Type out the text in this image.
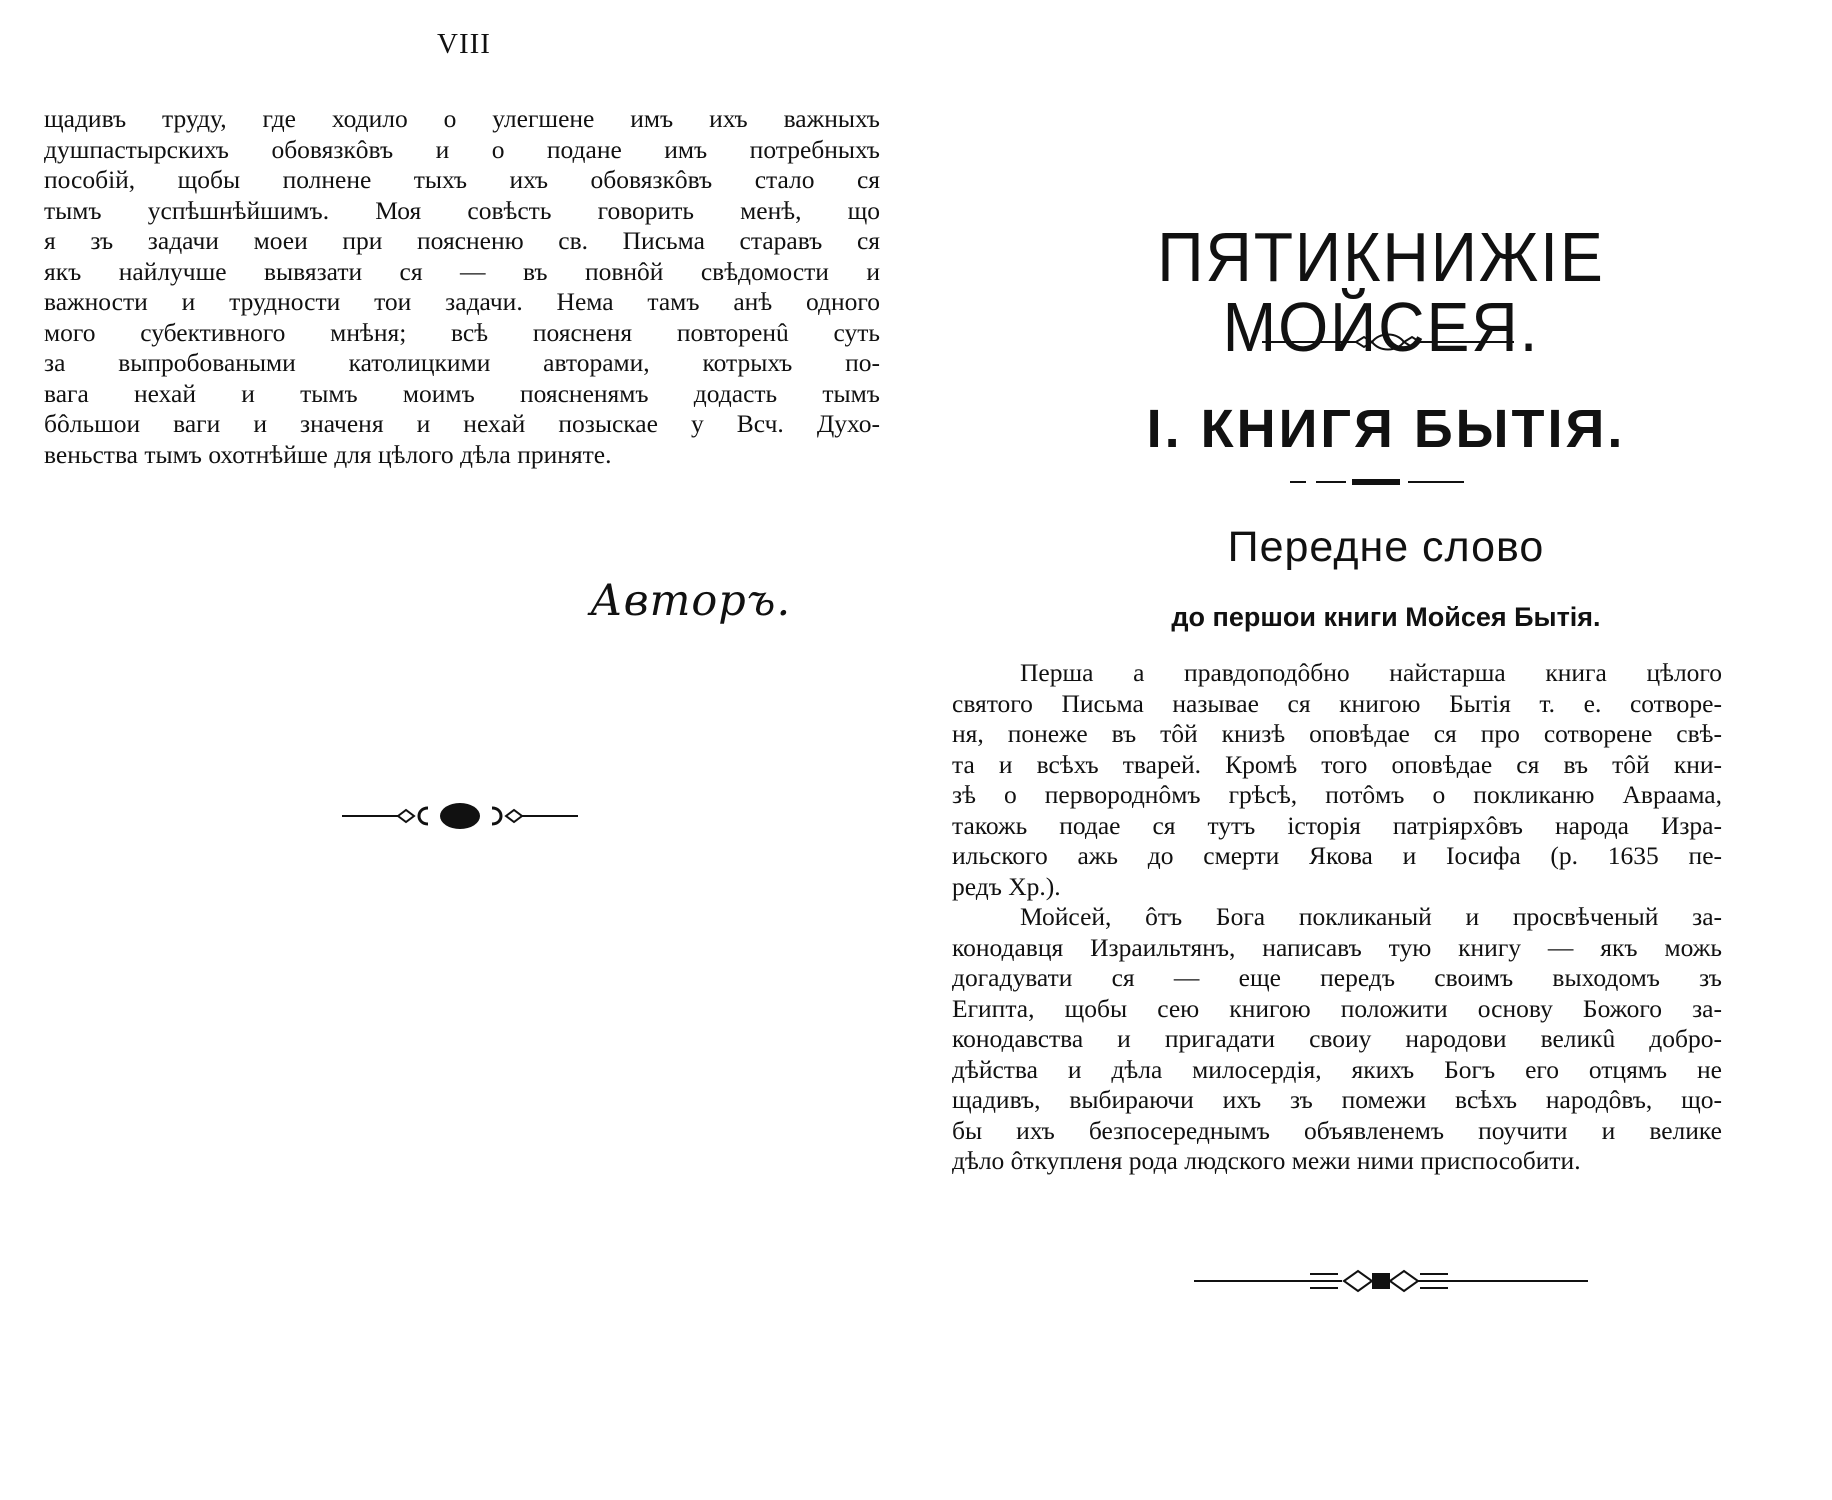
VIII
щадивъ труду, где ходило о улегшене имъ ихъ важныхъ
душпастырскихъ обовязкôвъ и о подане имъ потребныхъ
пособій, щобы полнене тыхъ ихъ обовязкôвъ стало ся
тымъ успѣшнѣйшимъ. Моя совѣсть говорить менѣ, що
я зъ задачи моеи при поясненю св. Письма старавъ ся
якъ найлучше вывязати ся — въ повнôй свѣдомости и
важности и трудности тои задачи. Нема тамъ анѣ одного
мого субективного мнѣня; всѣ поясненя повторенû суть
за выпробоваными католицкими авторами, котрыхъ по-
вага нехай и тымъ моимъ поясненямъ додасть тымъ
бôльшои ваги и значеня и нехай позыскае у Всч. Духо-
веньства тымъ охотнѣйше для цѣлого дѣла приняте.
Авторъ.
ПЯТИКНИЖІЕ МОЙСЕЯ.
I. КНИГЯ БЫТІЯ.
Передне слово
до першои книги Мойсея Бытія.
Перша а правдоподôбно найстарша книга цѣлого
святого Письма называе ся книгою Бытія т. е. сотворе-
ня, понеже въ тôй книзѣ оповѣдае ся про сотворене свѣ-
та и всѣхъ тварей. Кромѣ того оповѣдае ся въ тôй кни-
зѣ о первороднôмъ грѣсѣ, потôмъ о покликаню Авраама,
такожь подае ся тутъ історія патріярхôвъ народа Изра-
ильского ажь до смерти Якова и Іосифа (р. 1635 пе-
редъ Хр.).
Мойсей, ôтъ Бога покликаный и просвѣченый за-
конодавця Израильтянъ, написавъ тую книгу — якъ можь
догадувати ся — еще передъ своимъ выходомъ зъ
Египта, щобы сею книгою положити основу Божого за-
конодавства и пригадати своиу народови великû добро-
дѣйства и дѣла милосердія, якихъ Богъ его отцямъ не
щадивъ, выбираючи ихъ зъ помежи всѣхъ народôвъ, що-
бы ихъ безпосереднымъ объявленемъ поучити и велике
дѣло ôткупленя рода людского межи ними приспособити.
